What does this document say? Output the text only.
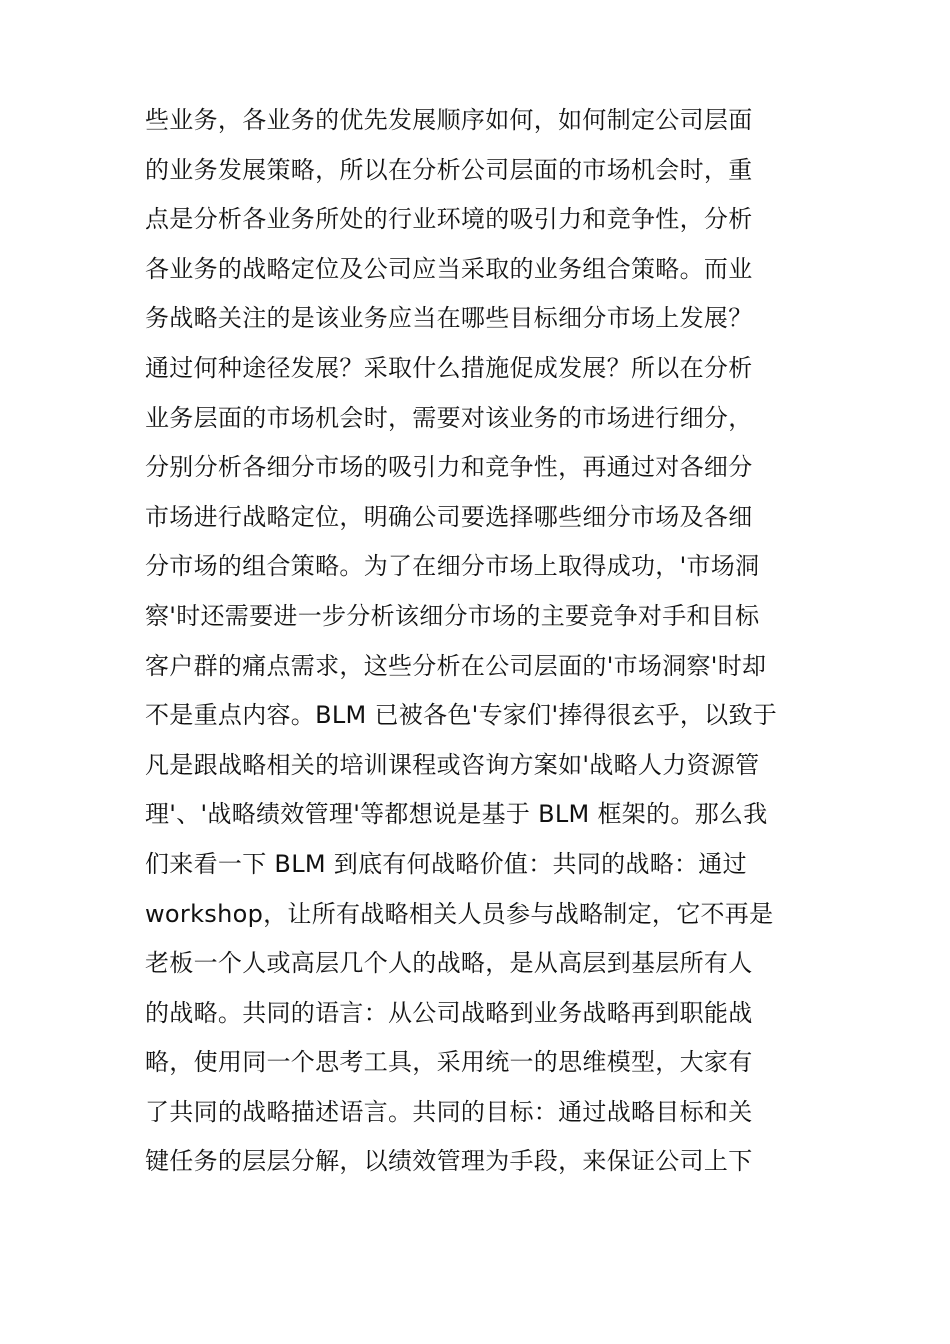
些业务，各业务的优先发展顺序如何，如何制定公司层面
的业务发展策略，所以在分析公司层面的市场机会时，重
点是分析各业务所处的行业环境的吸引力和竞争性，分析
各业务的战略定位及公司应当采取的业务组合策略。而业
务战略关注的是该业务应当在哪些目标细分市场上发展？
通过何种途径发展？采取什么措施促成发展？所以在分析
业务层面的市场机会时，需要对该业务的市场进行细分，
分别分析各细分市场的吸引力和竞争性，再通过对各细分
市场进行战略定位，明确公司要选择哪些细分市场及各细
分市场的组合策略。为了在细分市场上取得成功，'市场洞
察'时还需要进一步分析该细分市场的主要竞争对手和目标
客户群的痛点需求，这些分析在公司层面的'市场洞察'时却
不是重点内容。BLM 已被各色'专家们'捧得很玄乎，以致于
凡是跟战略相关的培训课程或咨询方案如'战略人力资源管
理'、'战略绩效管理'等都想说是基于 BLM 框架的。那么我
们来看一下 BLM 到底有何战略价值：共同的战略：通过
workshop，让所有战略相关人员参与战略制定，它不再是
老板一个人或高层几个人的战略，是从高层到基层所有人
的战略。共同的语言：从公司战略到业务战略再到职能战
略，使用同一个思考工具，采用统一的思维模型，大家有
了共同的战略描述语言。共同的目标：通过战略目标和关
键任务的层层分解，以绩效管理为手段，来保证公司上下
